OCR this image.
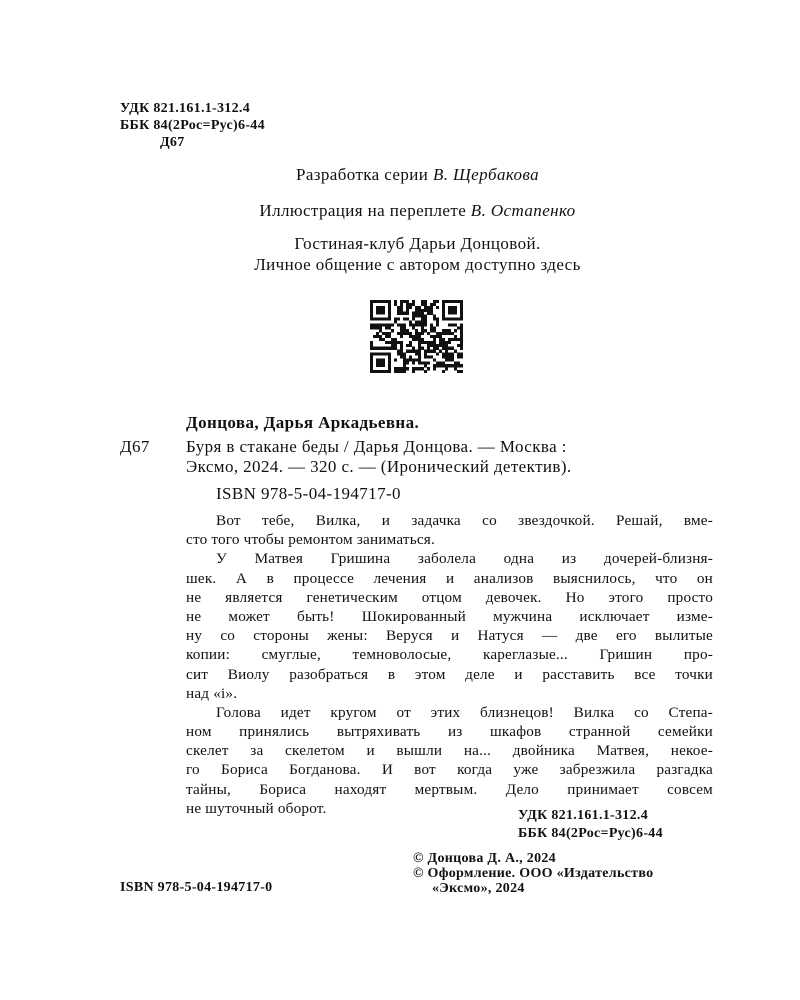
УДК 821.161.1-312.4
ББК 84(2Рос=Рус)6-44
Д67
Разработка серии В. Щербакова
Иллюстрация на переплете В. Остапенко
Гостиная-клуб Дарьи Донцовой.
Личное общение с автором доступно здесь
Донцова, Дарья Аркадьевна.
Д67 Буря в стакане беды / Дарья Донцова. — Москва :
Эксмо, 2024. — 320 с. — (Иронический детектив).
ISBN 978-5-04-194717-0

Вот тебе, Вилка, и задачка со звездочкой. Решай, вме-
сто того чтобы ремонтом заниматься.

У Матвея Гришина заболела одна из дочерей-близня-
шек. А в процессе лечения и анализов выяснилось, что он
не является генетическим отцом девочек. Но этого просто
не может быть! Шокированный мужчина исключает изме-
ну со стороны жены: Веруся и Натуся — две его вылитые
копии: смуглые, темноволосые, кареглазые... Гришин про-
сит Виолу разобраться в этом деле и расставить все точки
над «i».

Голова идет кругом от этих близнецов! Вилка со Степа-
ном принялись вытряхивать из шкафов странной семейки
скелет за скелетом и вышли на... двойника Матвея, некое-
го Бориса Богданова. И вот когда уже забрезжила разгадка
тайны, Бориса находят мертвым. Дело принимает совсем
не шуточный оборот.	УДК 821.161.1-312.4
ББК 84(2Рос=Рус)6-44
ISBN 978-5-04-194717-0
© Донцова Д. А., 2024
© Оформление. ООО «Издательство
«Эксмо», 2024
